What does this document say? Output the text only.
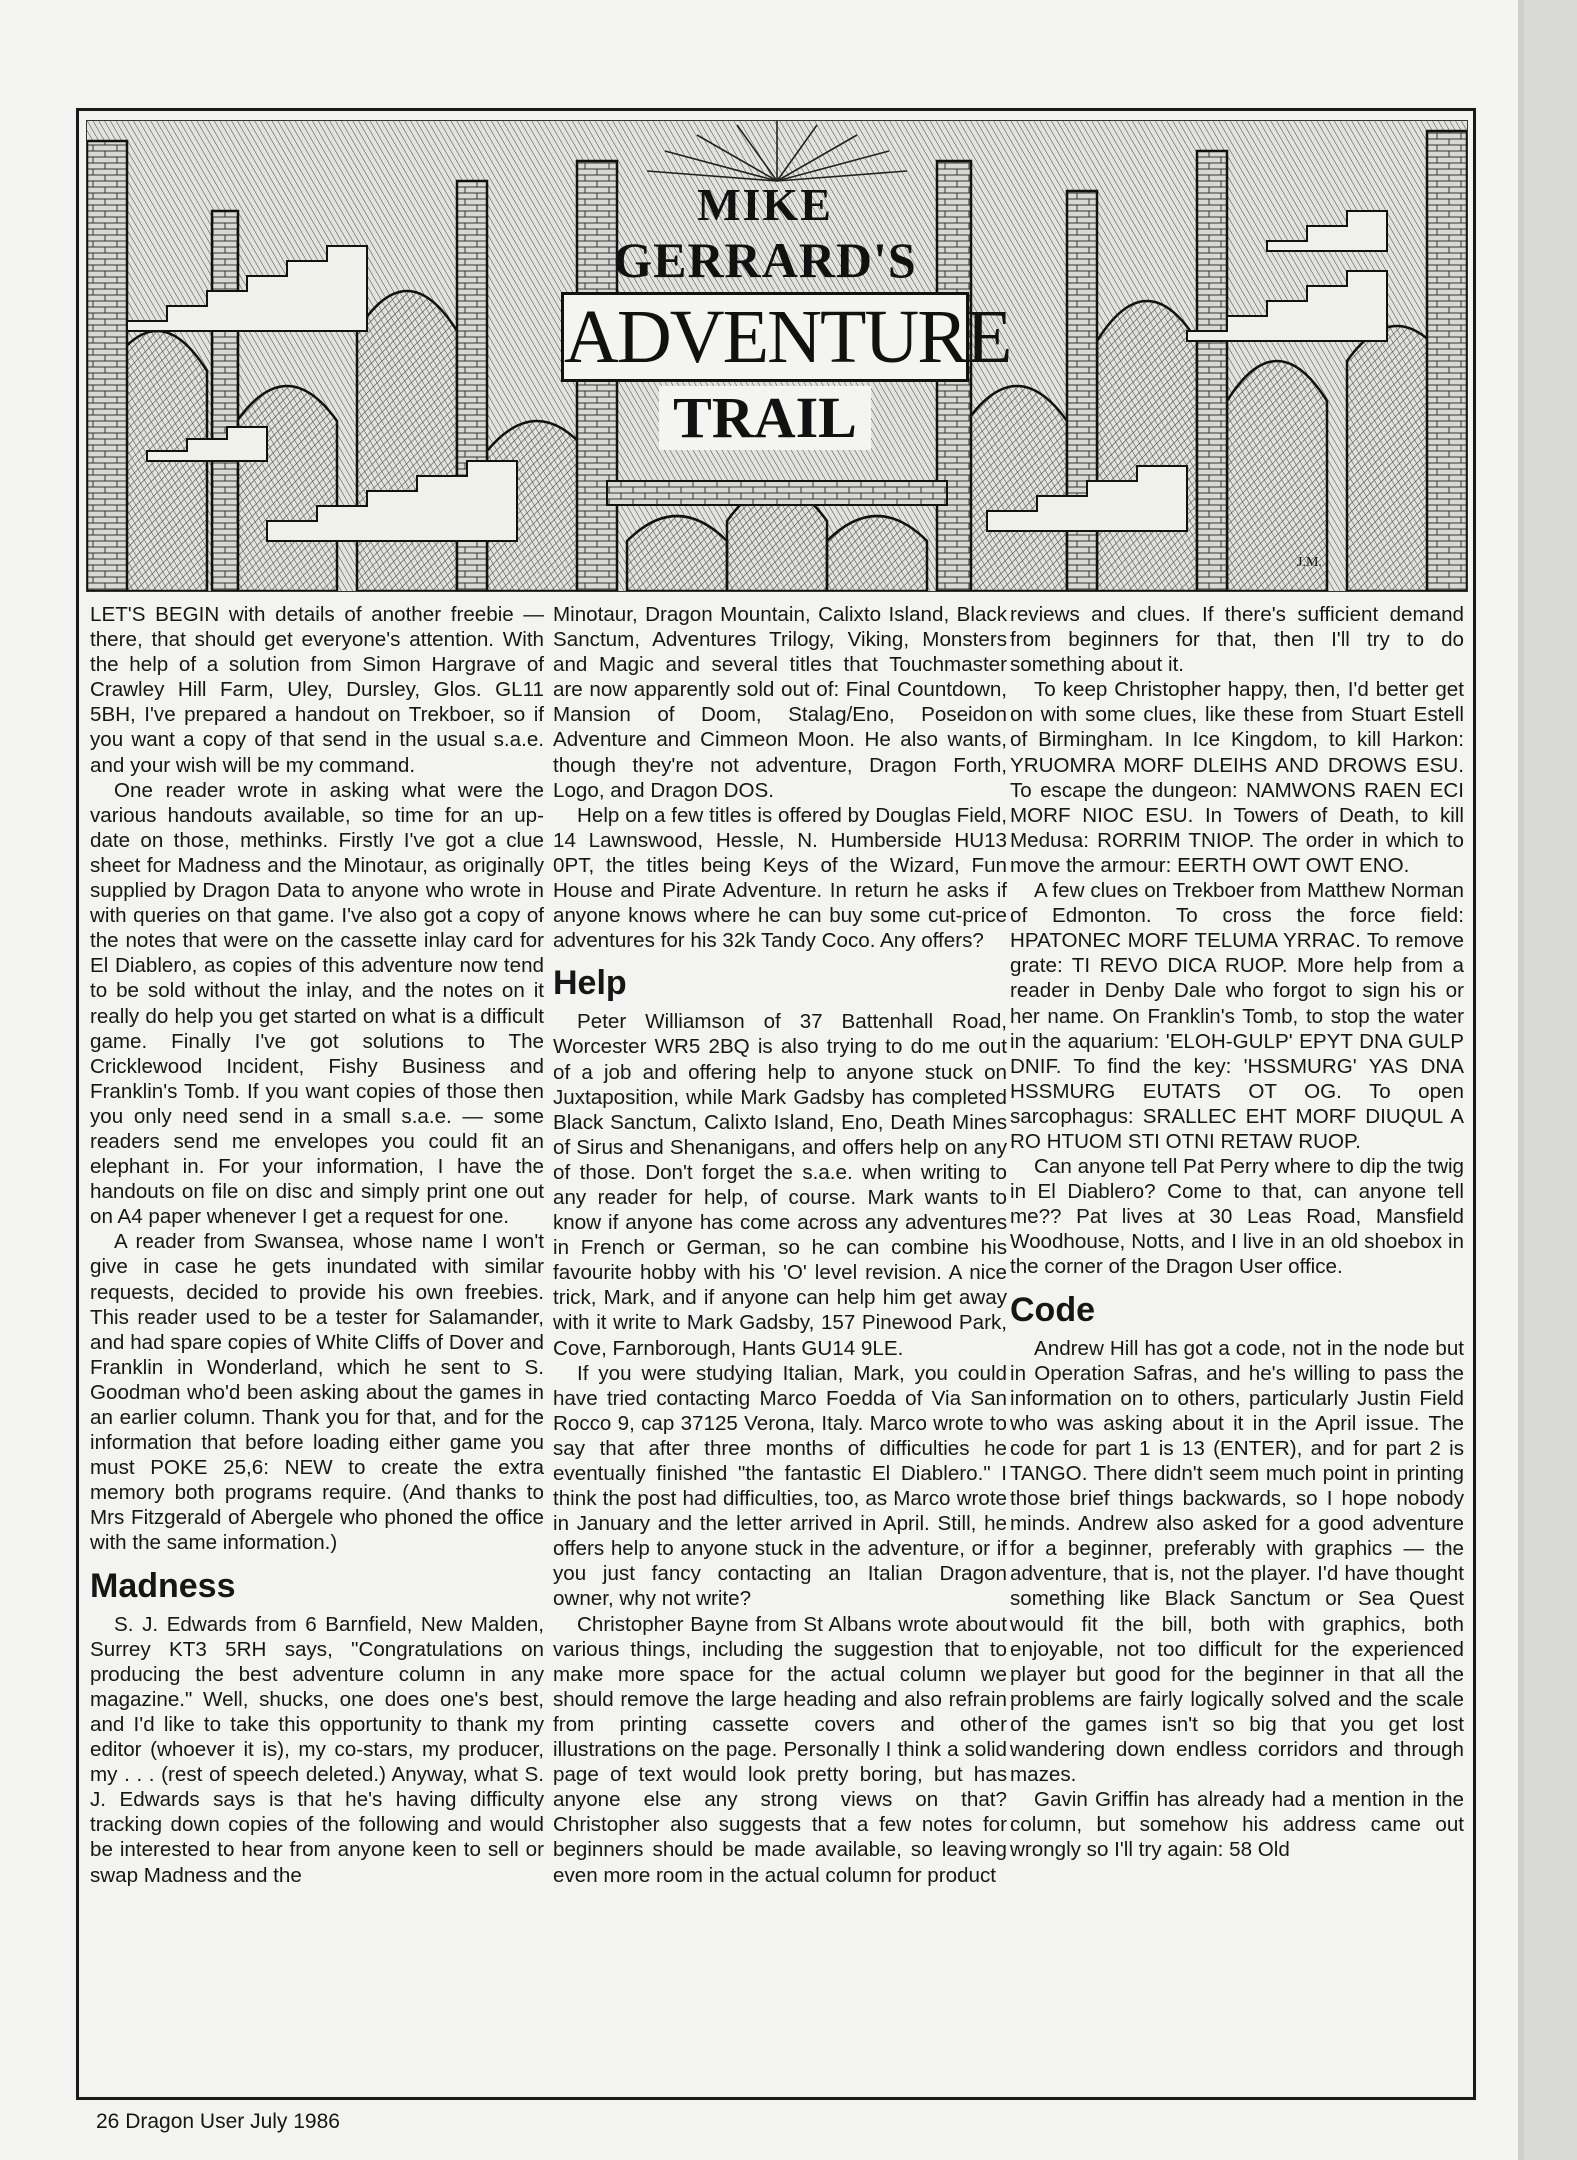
J.M.
MIKE
GERRARD'S
ADVENTURE
TRAIL

LET'S BEGIN with details of another freebie — there, that should get everyone's attention. With the help of a solution from Simon Hargrave of Crawley Hill Farm, Uley, Dursley, Glos. GL11 5BH, I've prepared a handout on Trekboer, so if you want a copy of that send in the usual s.a.e. and your wish will be my command.

One reader wrote in asking what were the various handouts available, so time for an up-date on those, methinks. Firstly I've got a clue sheet for Madness and the Minotaur, as originally supplied by Dragon Data to anyone who wrote in with queries on that game. I've also got a copy of the notes that were on the cassette inlay card for El Diablero, as copies of this adventure now tend to be sold without the inlay, and the notes on it really do help you get started on what is a difficult game. Finally I've got solutions to The Cricklewood Incident, Fishy Business and Franklin's Tomb. If you want copies of those then you only need send in a small s.a.e. — some readers send me envelopes you could fit an elephant in. For your information, I have the handouts on file on disc and simply print one out on A4 paper whenever I get a request for one.

A reader from Swansea, whose name I won't give in case he gets inundated with similar requests, decided to provide his own freebies. This reader used to be a tester for Salamander, and had spare copies of White Cliffs of Dover and Franklin in Wonderland, which he sent to S. Goodman who'd been asking about the games in an earlier column. Thank you for that, and for the information that before loading either game you must POKE 25,6: NEW to create the extra memory both programs require. (And thanks to Mrs Fitzgerald of Abergele who phoned the office with the same information.)

Madness

S. J. Edwards from 6 Barnfield, New Malden, Surrey KT3 5RH says, "Congratulations on producing the best adventure column in any magazine." Well, shucks, one does one's best, and I'd like to take this opportunity to thank my editor (whoever it is), my co-stars, my producer, my . . . (rest of speech deleted.) Anyway, what S. J. Edwards says is that he's having difficulty tracking down copies of the following and would be interested to hear from anyone keen to sell or swap Madness and the

Minotaur, Dragon Mountain, Calixto Island, Black Sanctum, Adventures Trilogy, Viking, Monsters and Magic and several titles that Touchmaster are now apparently sold out of: Final Countdown, Mansion of Doom, Stalag/Eno, Poseidon Adventure and Cimmeon Moon. He also wants, though they're not adventure, Dragon Forth, Logo, and Dragon DOS.

Help on a few titles is offered by Douglas Field, 14 Lawnswood, Hessle, N. Humberside HU13 0PT, the titles being Keys of the Wizard, Fun House and Pirate Adventure. In return he asks if anyone knows where he can buy some cut-price adventures for his 32k Tandy Coco. Any offers?

Help

Peter Williamson of 37 Battenhall Road, Worcester WR5 2BQ is also trying to do me out of a job and offering help to anyone stuck on Juxtaposition, while Mark Gadsby has completed Black Sanctum, Calixto Island, Eno, Death Mines of Sirus and Shenanigans, and offers help on any of those. Don't forget the s.a.e. when writing to any reader for help, of course. Mark wants to know if anyone has come across any adventures in French or German, so he can combine his favourite hobby with his 'O' level revision. A nice trick, Mark, and if anyone can help him get away with it write to Mark Gadsby, 157 Pinewood Park, Cove, Farnborough, Hants GU14 9LE.

If you were studying Italian, Mark, you could have tried contacting Marco Foedda of Via San Rocco 9, cap 37125 Verona, Italy. Marco wrote to say that after three months of difficulties he eventually finished "the fantastic El Diablero." I think the post had difficulties, too, as Marco wrote in January and the letter arrived in April. Still, he offers help to anyone stuck in the adventure, or if you just fancy contacting an Italian Dragon owner, why not write?

Christopher Bayne from St Albans wrote about various things, including the suggestion that to make more space for the actual column we should remove the large heading and also refrain from printing cassette covers and other illustrations on the page. Personally I think a solid page of text would look pretty boring, but has anyone else any strong views on that? Christopher also suggests that a few notes for beginners should be made available, so leaving even more room in the actual column for product

reviews and clues. If there's sufficient demand from beginners for that, then I'll try to do something about it.

To keep Christopher happy, then, I'd better get on with some clues, like these from Stuart Estell of Birmingham. In Ice Kingdom, to kill Harkon: YRUOMRA MORF DLEIHS AND DROWS ESU. To escape the dungeon: NAMWONS RAEN ECI MORF NIOC ESU. In Towers of Death, to kill Medusa: RORRIM TNIOP. The order in which to move the armour: EERTH OWT OWT ENO.

A few clues on Trekboer from Matthew Norman of Edmonton. To cross the force field: HPATONEC MORF TELUMA YRRAC. To remove grate: TI REVO DICA RUOP. More help from a reader in Denby Dale who forgot to sign his or her name. On Franklin's Tomb, to stop the water in the aquarium: 'ELOH-GULP' EPYT DNA GULP DNIF. To find the key: 'HSSMURG' YAS DNA HSSMURG EUTATS OT OG. To open sarcophagus: SRALLEC EHT MORF DIUQUL A RO HTUOM STI OTNI RETAW RUOP.

Can anyone tell Pat Perry where to dip the twig in El Diablero? Come to that, can anyone tell me?? Pat lives at 30 Leas Road, Mansfield Woodhouse, Notts, and I live in an old shoebox in the corner of the Dragon User office.

Code

Andrew Hill has got a code, not in the node but in Operation Safras, and he's willing to pass the information on to others, particularly Justin Field who was asking about it in the April issue. The code for part 1 is 13 (ENTER), and for part 2 is TANGO. There didn't seem much point in printing those brief things backwards, so I hope nobody minds. Andrew also asked for a good adventure for a beginner, preferably with graphics — the adventure, that is, not the player. I'd have thought something like Black Sanctum or Sea Quest would fit the bill, both with graphics, both enjoyable, not too difficult for the experienced player but good for the beginner in that all the problems are fairly logically solved and the scale of the games isn't so big that you get lost wandering down endless corridors and through mazes.

Gavin Griffin has already had a mention in the column, but somehow his address came out wrongly so I'll try again: 58 Old

26 Dragon User July 1986
